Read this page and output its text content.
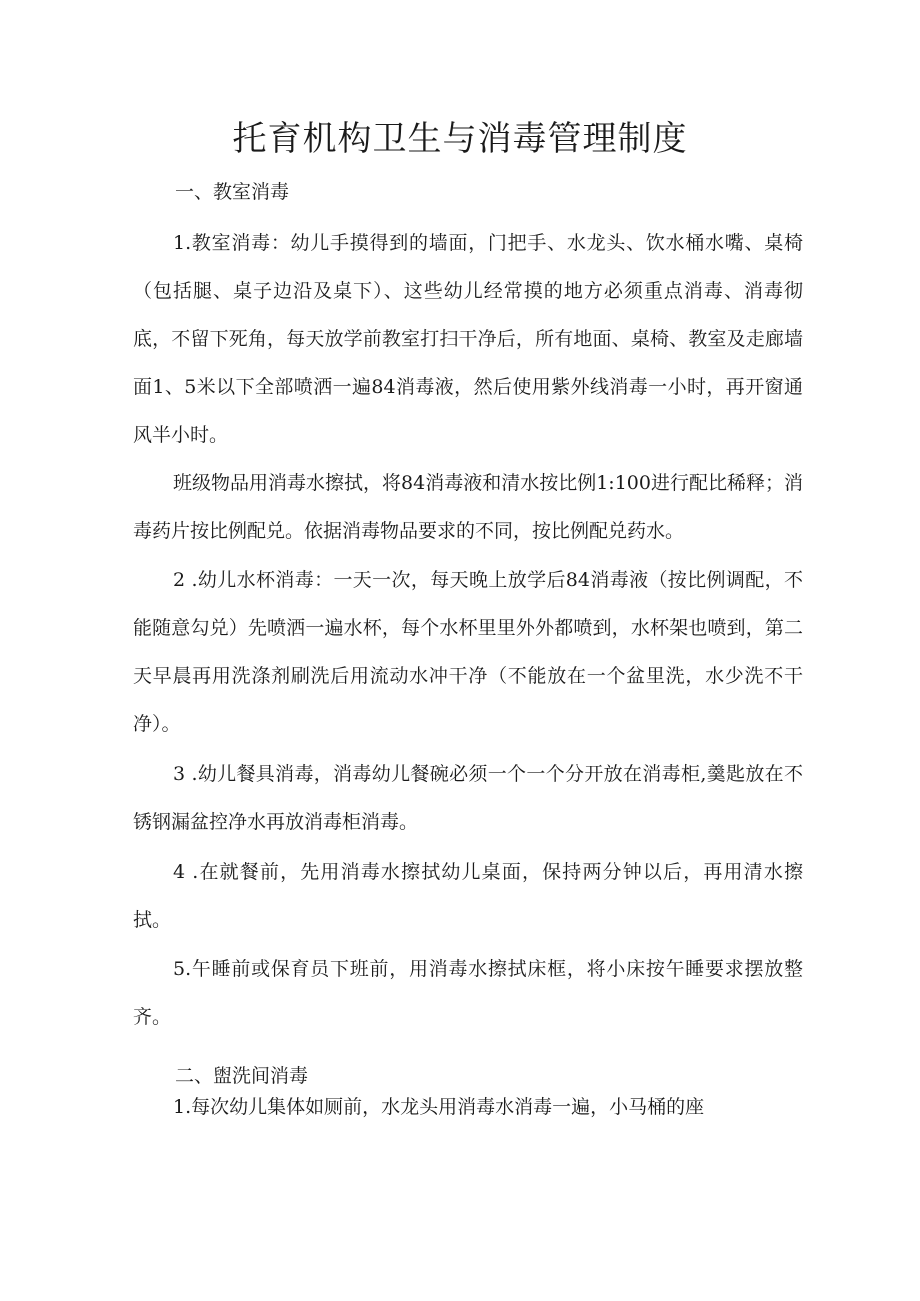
托育机构卫生与消毒管理制度

一、教室消毒

1.教室消毒：幼儿手摸得到的墙面，门把手、水龙头、饮水桶水嘴、桌椅（包括腿、桌子边沿及桌下）、这些幼儿经常摸的地方必须重点消毒、消毒彻底，不留下死角，每天放学前教室打扫干净后，所有地面、桌椅、教室及走廊墙面1、5米以下全部喷洒一遍84消毒液，然后使用紫外线消毒一小时，再开窗通风半小时。

班级物品用消毒水擦拭，将84消毒液和清水按比例1:100进行配比稀释；消毒药片按比例配兑。依据消毒物品要求的不同，按比例配兑药水。

2 .幼儿水杯消毒：一天一次，每天晚上放学后84消毒液（按比例调配，不能随意勾兑）先喷洒一遍水杯，每个水杯里里外外都喷到，水杯架也喷到，第二天早晨再用洗涤剂刷洗后用流动水冲干净（不能放在一个盆里洗，水少洗不干净）。

3 .幼儿餐具消毒，消毒幼儿餐碗必须一个一个分开放在消毒柜,羹匙放在不锈钢漏盆控净水再放消毒柜消毒。

4 .在就餐前，先用消毒水擦拭幼儿桌面，保持两分钟以后，再用清水擦拭。

5.午睡前或保育员下班前，用消毒水擦拭床框，将小床按午睡要求摆放整齐。

二、盥洗间消毒

1.每次幼儿集体如厕前，水龙头用消毒水消毒一遍，小马桶的座
